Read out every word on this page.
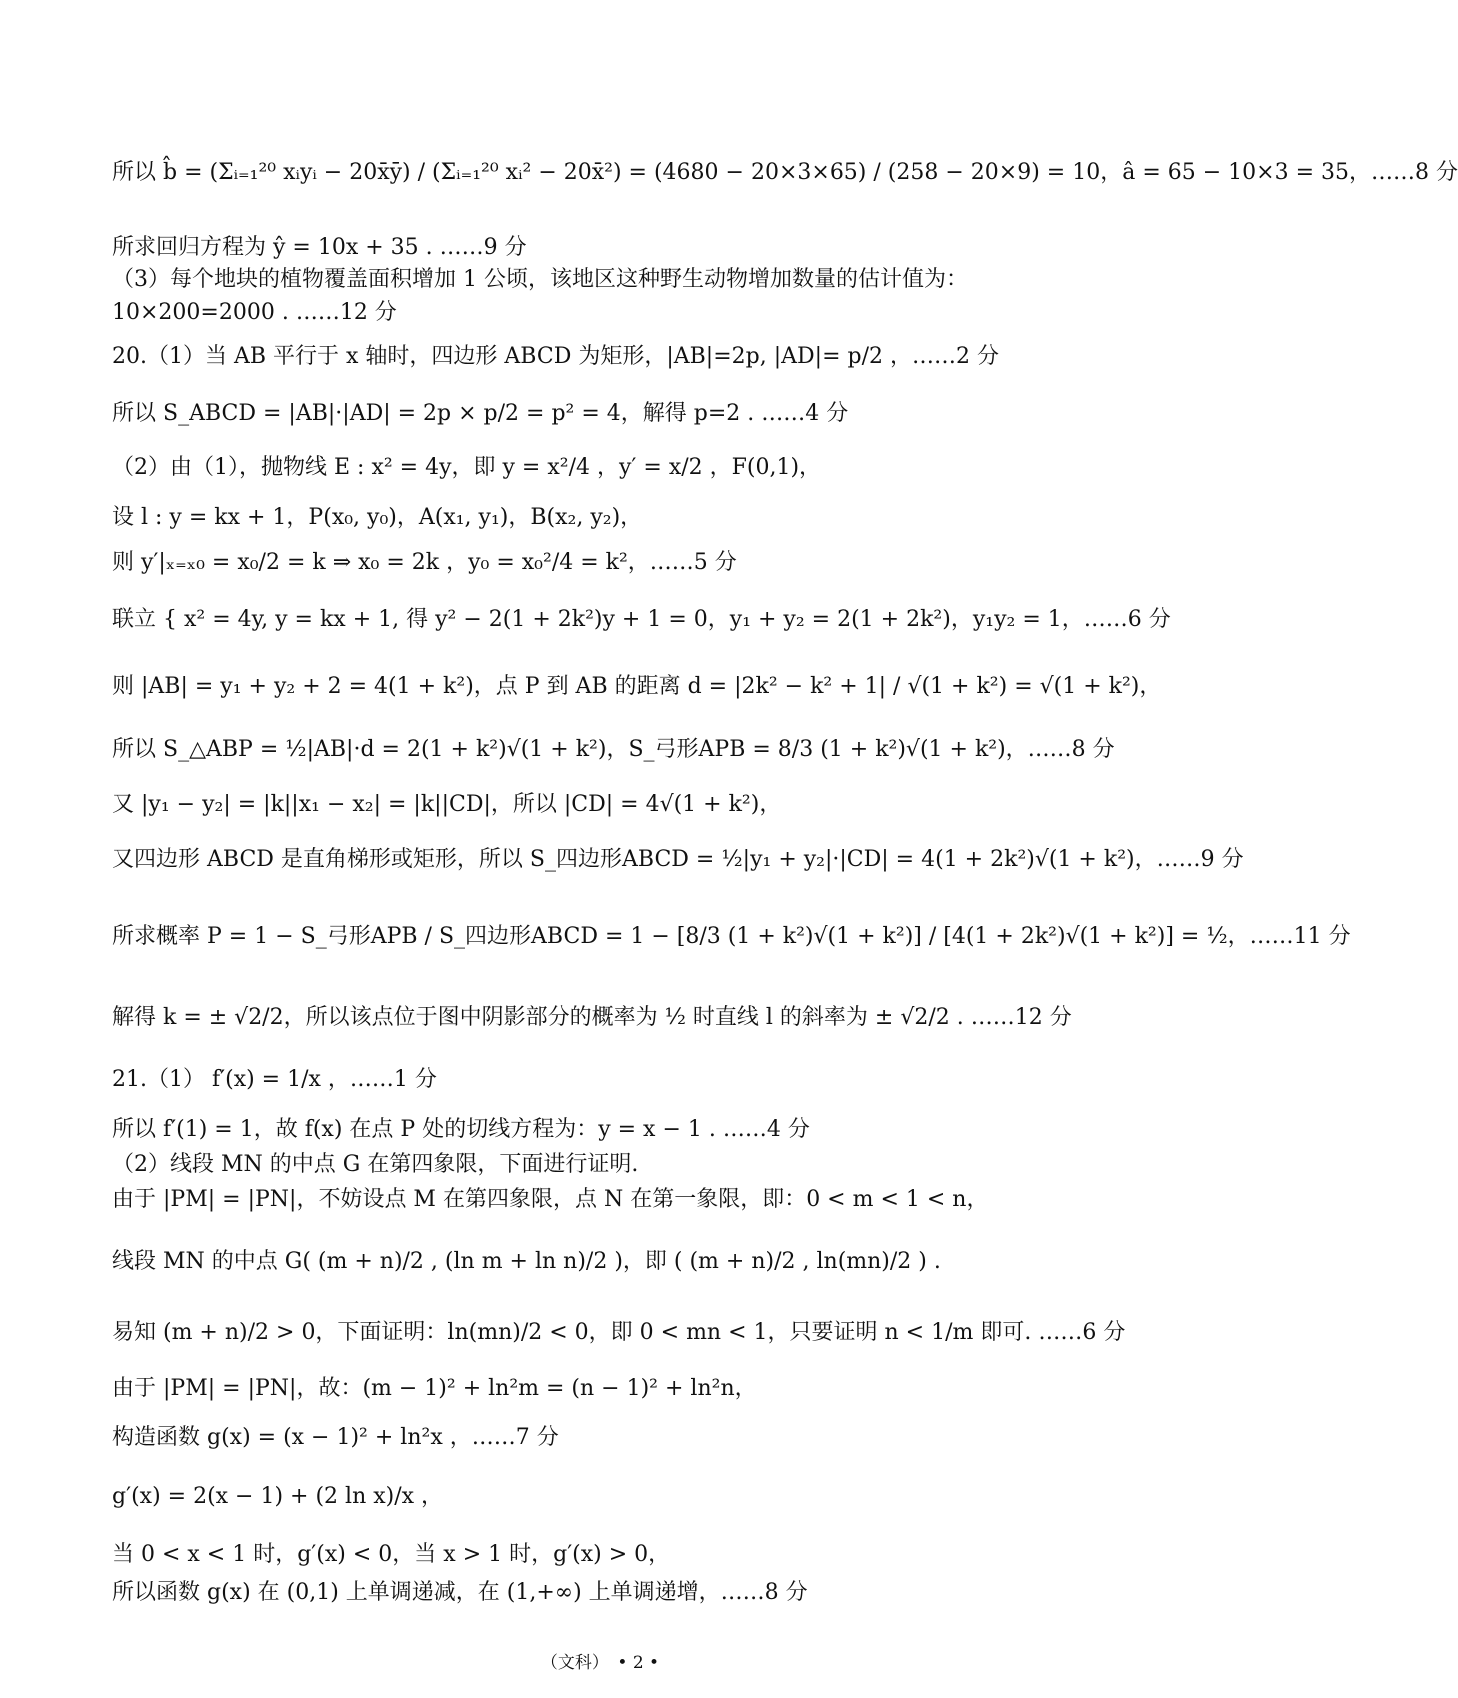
所以 b̂ = (Σᵢ₌₁²⁰ xᵢyᵢ − 20x̄ȳ) / (Σᵢ₌₁²⁰ xᵢ² − 20x̄²) = (4680 − 20×3×65) / (258 − 20×9) = 10，â = 65 − 10×3 = 35，……8 分
所求回归方程为 ŷ = 10x + 35 . ……9 分
（3）每个地块的植物覆盖面积增加 1 公顷，该地区这种野生动物增加数量的估计值为：
10×200=2000 . ……12 分
20.（1）当 AB 平行于 x 轴时，四边形 ABCD 为矩形，|AB|=2p, |AD|= p/2 ，……2 分
所以 S_ABCD = |AB|·|AD| = 2p × p/2 = p² = 4，解得 p=2 . ……4 分
（2）由（1），抛物线 E : x² = 4y，即 y = x²/4 ，y′ = x/2 ，F(0,1)，
设 l : y = kx + 1，P(x₀, y₀)，A(x₁, y₁)，B(x₂, y₂)，
则 y′|ₓ₌ₓ₀ = x₀/2 = k ⇒ x₀ = 2k ，y₀ = x₀²/4 = k²，……5 分
联立 { x² = 4y, y = kx + 1, 得 y² − 2(1 + 2k²)y + 1 = 0，y₁ + y₂ = 2(1 + 2k²)，y₁y₂ = 1，……6 分
则 |AB| = y₁ + y₂ + 2 = 4(1 + k²)，点 P 到 AB 的距离 d = |2k² − k² + 1| / √(1 + k²) = √(1 + k²)，
所以 S_△ABP = ½|AB|·d = 2(1 + k²)√(1 + k²)，S_弓形APB = 8/3 (1 + k²)√(1 + k²)，……8 分
又 |y₁ − y₂| = |k||x₁ − x₂| = |k||CD|，所以 |CD| = 4√(1 + k²)，
又四边形 ABCD 是直角梯形或矩形，所以 S_四边形ABCD = ½|y₁ + y₂|·|CD| = 4(1 + 2k²)√(1 + k²)，……9 分
所求概率 P = 1 − S_弓形APB / S_四边形ABCD = 1 − [8/3 (1 + k²)√(1 + k²)] / [4(1 + 2k²)√(1 + k²)] = ½，……11 分
解得 k = ± √2/2，所以该点位于图中阴影部分的概率为 ½ 时直线 l 的斜率为 ± √2/2 . ……12 分
21.（1） f′(x) = 1/x ，……1 分
所以 f′(1) = 1，故 f(x) 在点 P 处的切线方程为：y = x − 1 . ……4 分
（2）线段 MN 的中点 G 在第四象限，下面进行证明.
由于 |PM| = |PN|，不妨设点 M 在第四象限，点 N 在第一象限，即：0 < m < 1 < n，
线段 MN 的中点 G( (m + n)/2 , (ln m + ln n)/2 )，即 ( (m + n)/2 , ln(mn)/2 ) .
易知 (m + n)/2 > 0，下面证明：ln(mn)/2 < 0，即 0 < mn < 1，只要证明 n < 1/m 即可. ……6 分
由于 |PM| = |PN|，故：(m − 1)² + ln²m = (n − 1)² + ln²n，
构造函数 g(x) = (x − 1)² + ln²x ，……7 分
g′(x) = 2(x − 1) + (2 ln x)/x ，
当 0 < x < 1 时，g′(x) < 0，当 x > 1 时，g′(x) > 0，
所以函数 g(x) 在 (0,1) 上单调递减，在 (1,+∞) 上单调递增，……8 分
（文科）　• 2 •
